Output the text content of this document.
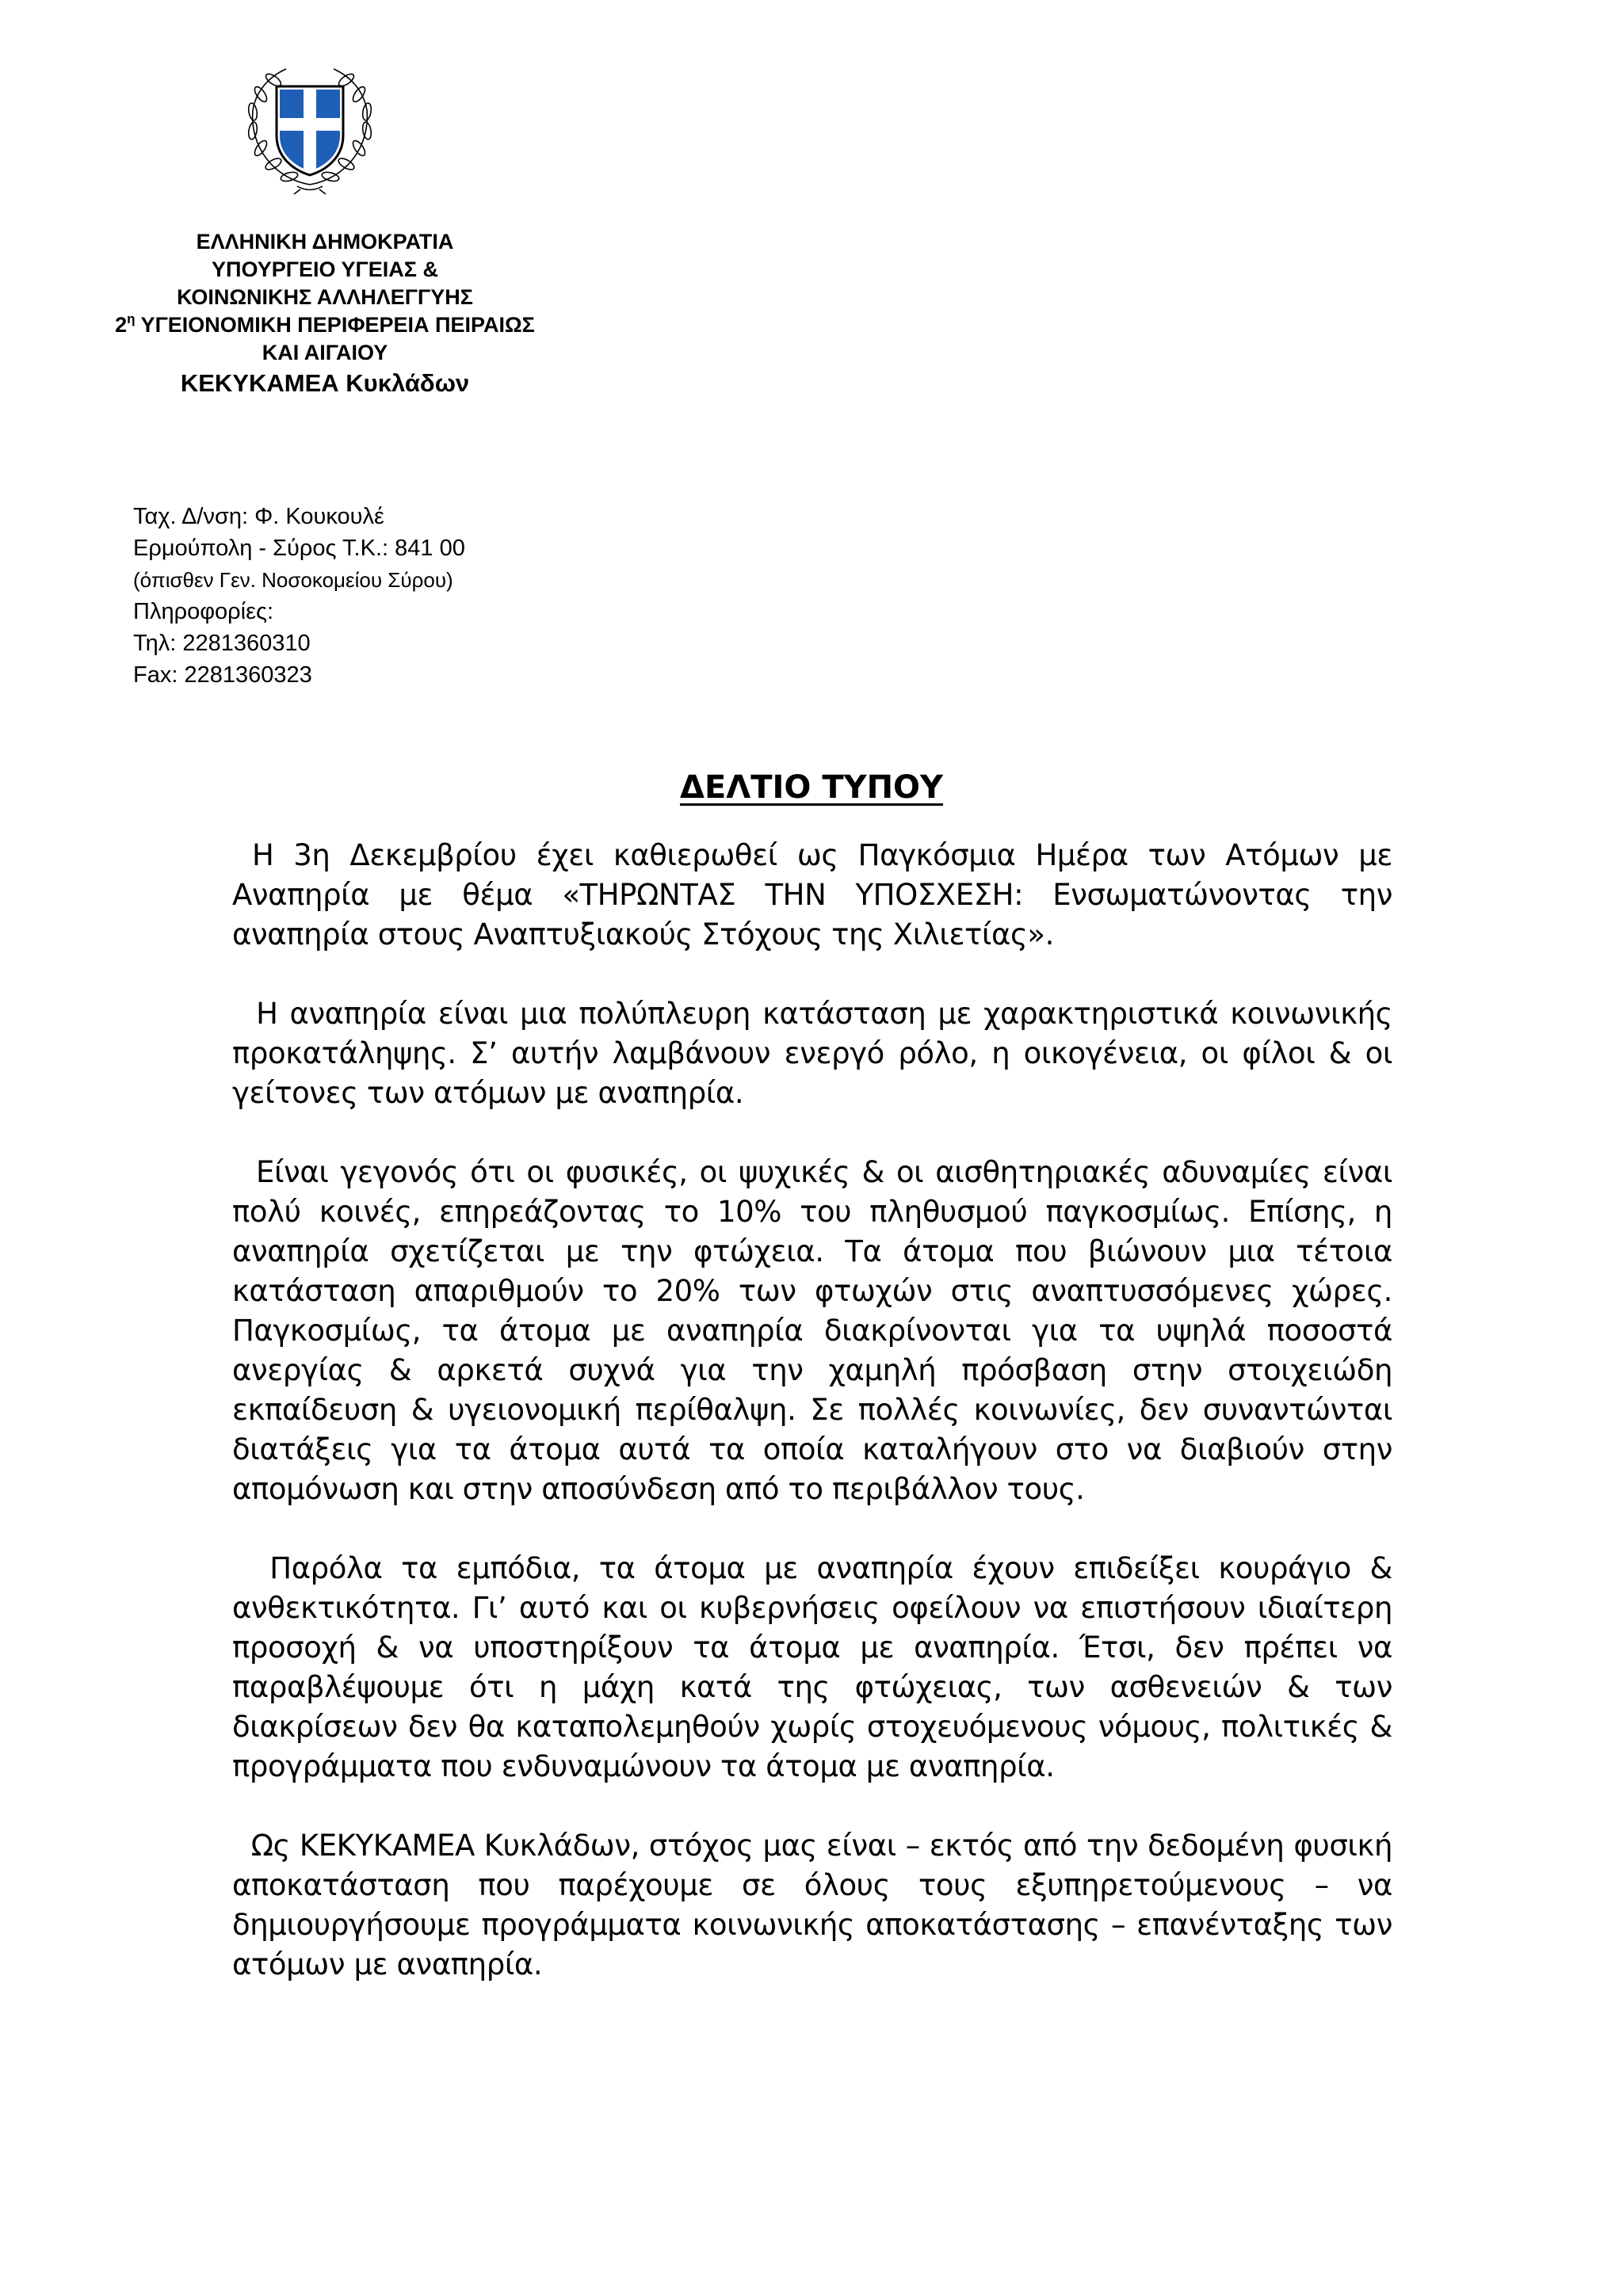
ΕΛΛΗΝΙΚΗ ΔΗΜΟΚΡΑΤΙΑ
ΥΠΟΥΡΓΕΙΟ ΥΓΕΙΑΣ &
ΚΟΙΝΩΝΙΚΗΣ ΑΛΛΗΛΕΓΓΥΗΣ
$2^\eta$ ΥΓΕΙΟΝΟΜΙΚΗ ΠΕΡΙΦΕΡΕΙΑ ΠΕΙΡΑΙΩΣ
ΚΑΙ ΑΙΓΑΙΟΥ
ΚΕΚΥΚΑΜΕΑ Κυκλάδων
Ταχ. Δ/νση: Φ. Κουκουλέ
Ερμούπολη - Σύρος Τ.Κ.: 841 00
(όπισθεν Γεν. Νοσοκομείου Σύρου)
Πληροφορίες:
Τηλ: 2281360310
Fax: 2281360323
ΔΕΛΤΙΟ ΤΥΠΟΥ

Η 3η Δεκεμβρίου έχει καθιερωθεί ως Παγκόσμια Ημέρα των Ατόμων με Αναπηρία με θέμα «ΤΗΡΩΝΤΑΣ ΤΗΝ ΥΠΟΣΧΕΣΗ: Ενσωματώνοντας την αναπηρία στους Αναπτυξιακούς Στόχους της Χιλιετίας».

Η αναπηρία είναι μια πολύπλευρη κατάσταση με χαρακτηριστικά κοινωνικής προκατάληψης. Σ’ αυτήν λαμβάνουν ενεργό ρόλο, η οικογένεια, οι φίλοι & οι γείτονες των ατόμων με αναπηρία.

Είναι γεγονός ότι οι φυσικές, οι ψυχικές & οι αισθητηριακές αδυναμίες είναι πολύ κοινές, επηρεάζοντας το 10% του πληθυσμού παγκοσμίως. Επίσης, η αναπηρία σχετίζεται με την φτώχεια. Τα άτομα που βιώνουν μια τέτοια κατάσταση απαριθμούν το 20% των φτωχών στις αναπτυσσόμενες χώρες. Παγκοσμίως, τα άτομα με αναπηρία διακρίνονται για τα υψηλά ποσοστά ανεργίας & αρκετά συχνά για την χαμηλή πρόσβαση στην στοιχειώδη εκπαίδευση & υγειονομική περίθαλψη. Σε πολλές κοινωνίες, δεν συναντώνται διατάξεις για τα άτομα αυτά τα οποία καταλήγουν στο να διαβιούν στην απομόνωση και στην αποσύνδεση από το περιβάλλον τους.

Παρόλα τα εμπόδια, τα άτομα με αναπηρία έχουν επιδείξει κουράγιο & ανθεκτικότητα. Γι’ αυτό και οι κυβερνήσεις οφείλουν να επιστήσουν ιδιαίτερη προσοχή & να υποστηρίξουν τα άτομα με αναπηρία. Έτσι, δεν πρέπει να παραβλέψουμε ότι η μάχη κατά της φτώχειας, των ασθενειών & των διακρίσεων δεν θα καταπολεμηθούν χωρίς στοχευόμενους νόμους, πολιτικές & προγράμματα που ενδυναμώνουν τα άτομα με αναπηρία.

Ως ΚΕΚΥΚΑΜΕΑ Κυκλάδων, στόχος μας είναι – εκτός από την δεδομένη φυσική αποκατάσταση που παρέχουμε σε όλους τους εξυπηρετούμενους – να δημιουργήσουμε προγράμματα κοινωνικής αποκατάστασης – επανένταξης των ατόμων με αναπηρία.
